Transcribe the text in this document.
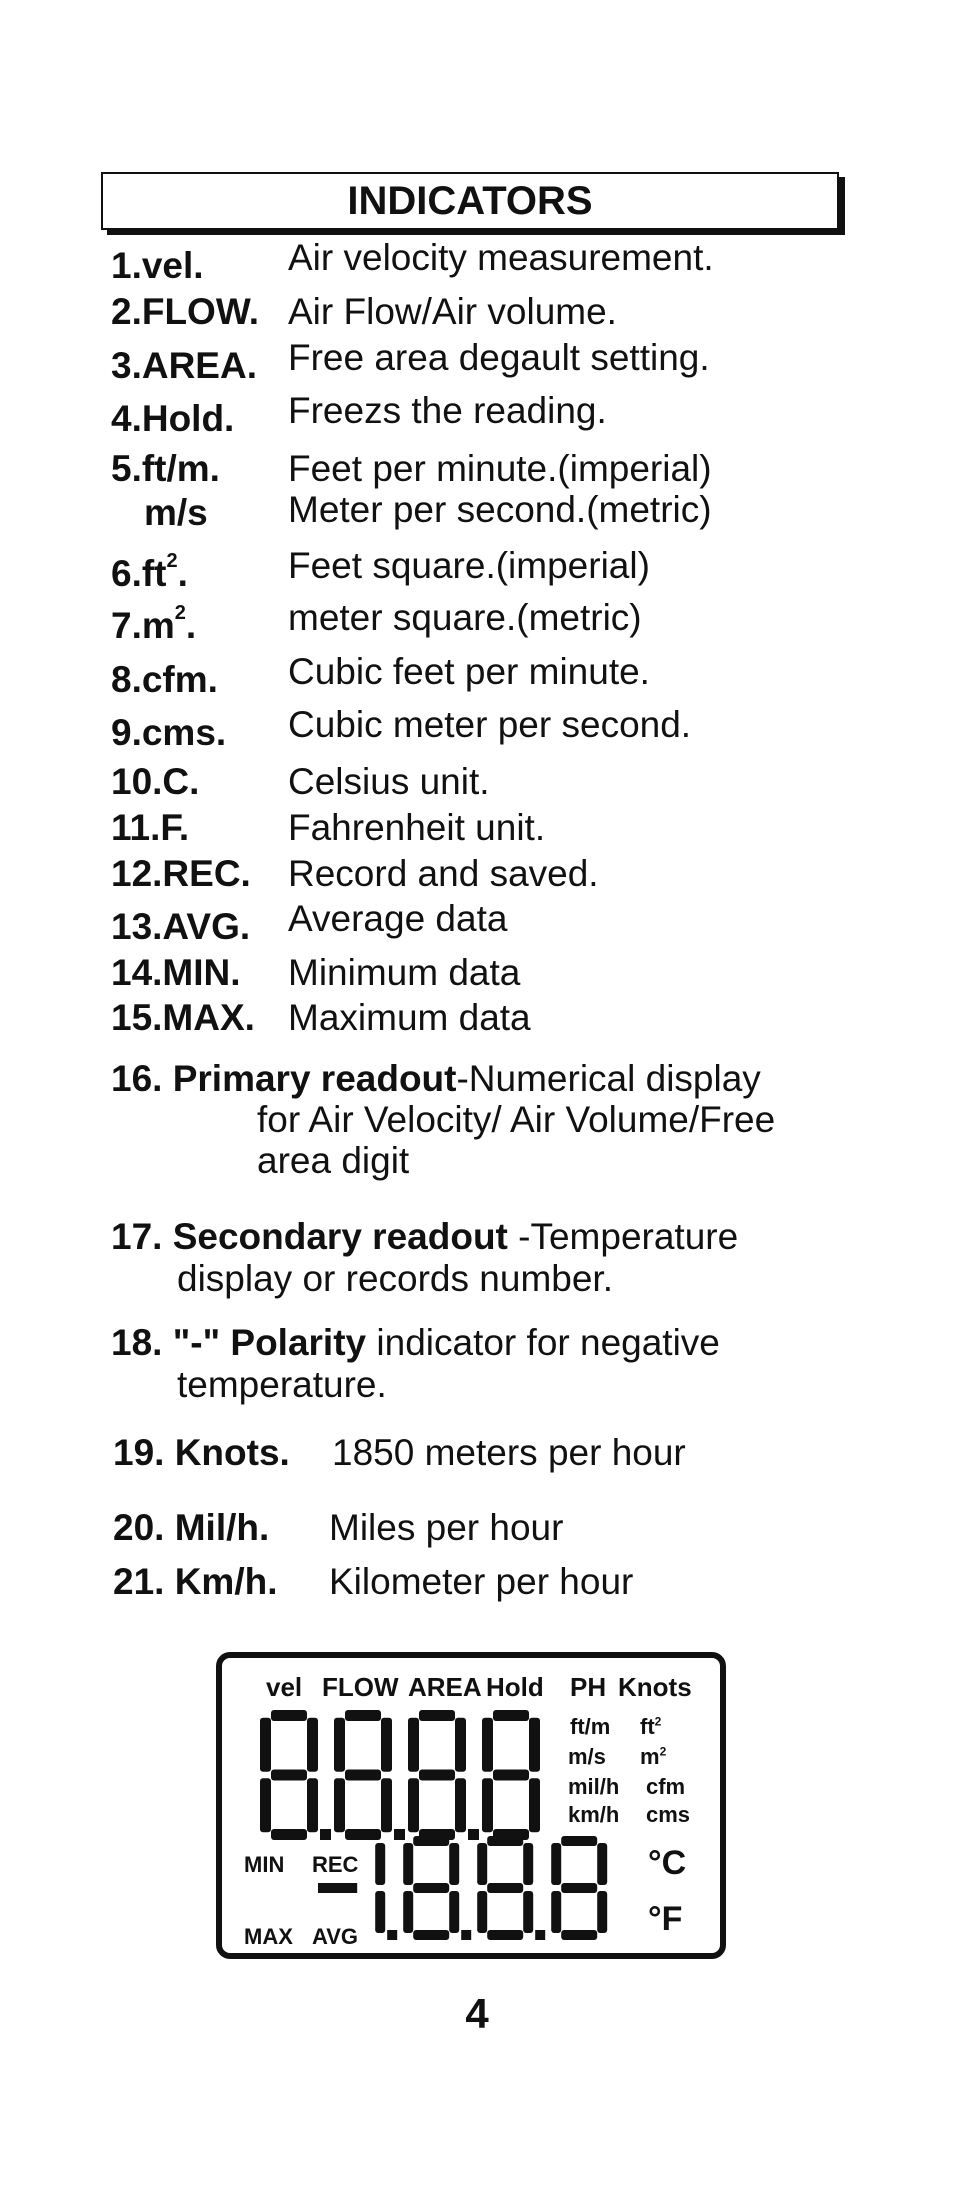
INDICATORS
1.vel. Air velocity measurement.
2.FLOW. Air Flow/Air volume.
3.AREA. Free area degault setting.
4.Hold. Freezs the reading.
5.ft/m. Feet per minute.(imperial)
m/s Meter per second.(metric)
$6.ft^2$.	Feet square.(imperial)
$7.m^2$. meter square.(metric)
8.cfm. Cubic feet per minute.
9.cms. Cubic meter per second.
10.C. Celsius unit.
11.F.	Fahrenheit unit.
12.REC. Record and saved.
13.AVG. Average data
14.MIN. Minimum data
15.MAX. Maximum data
16. Primary readout-Numerical display
for Air Velocity/ Air Volume/Free
area digit
17. Secondary readout -Temperature
display or records number.
18. "-" Polarity indicator for negative
temperature.
19. Knots. 1850 meters per hour
20. Mil/h. Miles per hour
21. Km/h. Kilometer per hour
vel FLOW AREA Hold PH Knots
ft/m
m/s
mil/h
km/h
$ft^2$
$m^2$
cfm
cms
MIN REC
MAX AVG
°C
°F
4
